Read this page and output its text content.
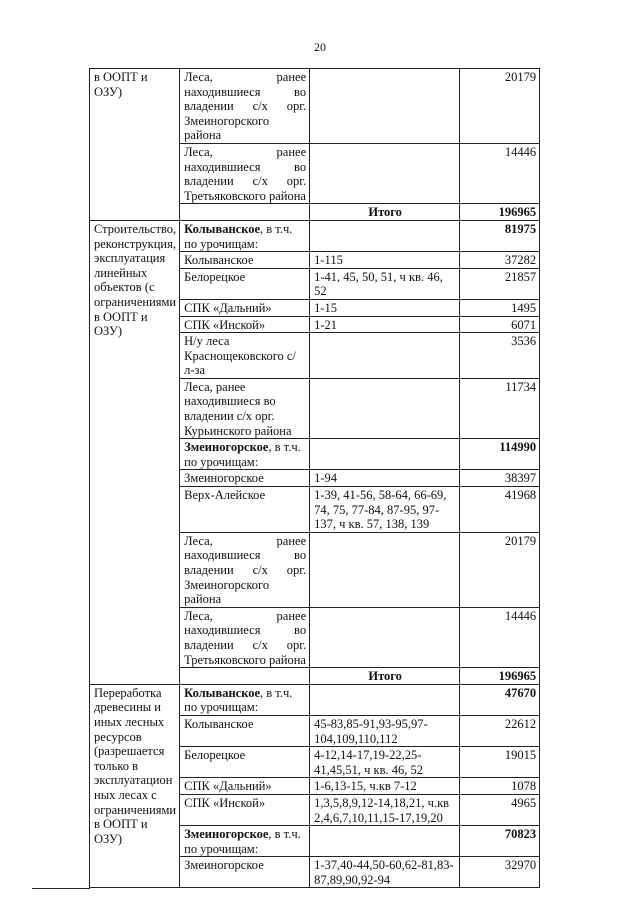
20
в ООПТ и ОЗУ)	Леса, ранее
находившиеся во
владении с/х орг.
Змеиногорского района		20179

	Леса, ранее
находившиеся во
владении с/х орг.
Третьяковского района		14446
		Итого	196965
Строительство, реконструкция, эксплуатация линейных объектов (с ограничениями в ООПТ и ОЗУ)	Колыванское, в т.ч. по урочищам:		81975
	Колыванское	1-115	37282
	Белорецкое	1-41, 45, 50, 51, ч кв. 46, 52	21857
	СПК «Дальний»	1-15	1495
	СПК «Инской»	1-21	6071
	Н/у леса Краснощековского с/л-за		3536
	Леса, ранее находившиеся во владении с/х орг. Курьинского района		11734
	Змеиногорское, в т.ч. по урочищам:		114990
	Змеиногорское	1-94	38397
	Верх-Алейское	1-39, 41-56, 58-64, 66-69, 74, 75, 77-84, 87-95, 97-137, ч кв. 57, 138, 139	41968

	Леса, ранее
находившиеся во
владении с/х орг.
Змеиногорского района		20179

	Леса, ранее
находившиеся во
владении с/х орг.
Третьяковского района		14446
		Итого	196965
Переработка древесины и иных лесных ресурсов (разрешается только в эксплуатацион ных лесах с ограничениями в ООПТ и ОЗУ)	Колыванское, в т.ч. по урочищам:		47670
	Колыванское	45-83,85-91,93-95,97-104,109,110,112	22612
	Белорецкое	4-12,14-17,19-22,25-41,45,51, ч кв. 46, 52	19015
	СПК «Дальний»	1-6,13-15, ч.кв 7-12	1078
	СПК «Инской»	1,3,5,8,9,12-14,18,21, ч.кв 2,4,6,7,10,11,15-17,19,20	4965
	Змеиногорское, в т.ч. по урочищам:		70823
	Змеиногорское	1-37,40-44,50-60,62-81,83-87,89,90,92-94	32970
